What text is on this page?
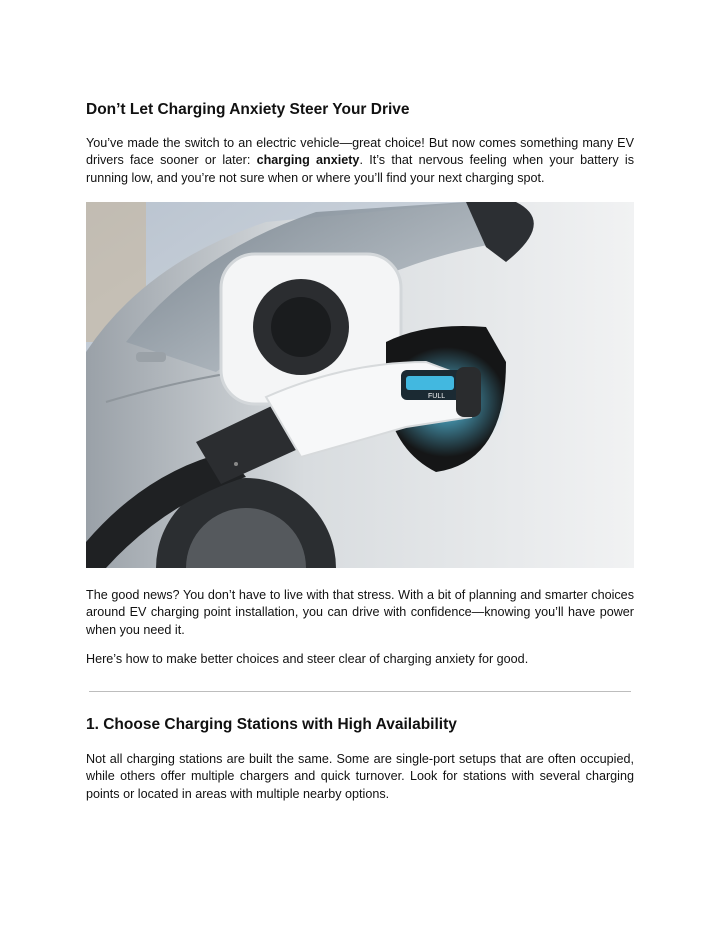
Don’t Let Charging Anxiety Steer Your Drive

You’ve made the switch to an electric vehicle—great choice! But now comes something many EV drivers face sooner or later: charging anxiety. It’s that nervous feeling when your battery is running low, and you’re not sure when or where you’ll find your next charging spot.

FULL

The good news? You don’t have to live with that stress. With a bit of planning and smarter choices around EV charging point installation, you can drive with confidence—knowing you’ll have power when you need it.

Here’s how to make better choices and steer clear of charging anxiety for good.

1. Choose Charging Stations with High Availability

Not all charging stations are built the same. Some are single-port setups that are often occupied, while others offer multiple chargers and quick turnover. Look for stations with several charging points or located in areas with multiple nearby options.
